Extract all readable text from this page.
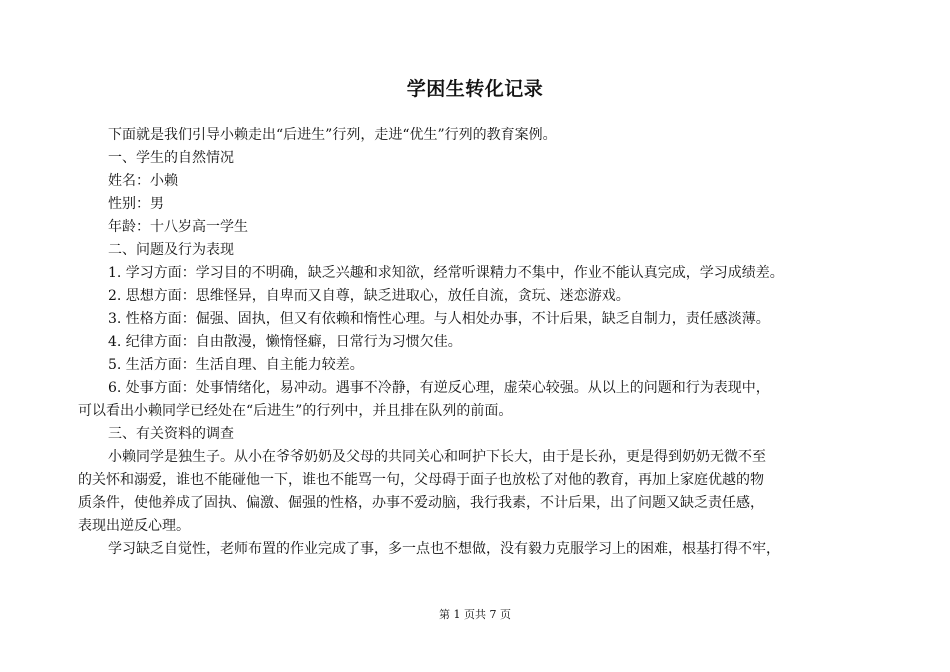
学困生转化记录

下面就是我们引导小赖走出“后进生”行列，走进“优生”行列的教育案例。

一、学生的自然情况

姓名：小赖

性别：男

年龄：十八岁高一学生

二、问题及行为表现

1. 学习方面：学习目的不明确，缺乏兴趣和求知欲，经常听课精力不集中，作业不能认真完成，学习成绩差。

2. 思想方面：思维怪异，自卑而又自尊，缺乏进取心，放任自流，贪玩、迷恋游戏。

3. 性格方面：倔强、固执，但又有依赖和惰性心理。与人相处办事，不计后果，缺乏自制力，责任感淡薄。

4. 纪律方面：自由散漫，懒惰怪癖，日常行为习惯欠佳。

5. 生活方面：生活自理、自主能力较差。

6. 处事方面：处事情绪化，易冲动。遇事不冷静，有逆反心理，虚荣心较强。从以上的问题和行为表现中，

可以看出小赖同学已经处在“后进生”的行列中，并且排在队列的前面。

三、有关资料的调查

小赖同学是独生子。从小在爷爷奶奶及父母的共同关心和呵护下长大，由于是长孙，更是得到奶奶无微不至

的关怀和溺爱，谁也不能碰他一下，谁也不能骂一句，父母碍于面子也放松了对他的教育，再加上家庭优越的物

质条件，使他养成了固执、偏激、倔强的性格，办事不爱动脑，我行我素，不计后果，出了问题又缺乏责任感，

表现出逆反心理。

学习缺乏自觉性，老师布置的作业完成了事，多一点也不想做，没有毅力克服学习上的困难，根基打得不牢，

第 1 页共 7 页
